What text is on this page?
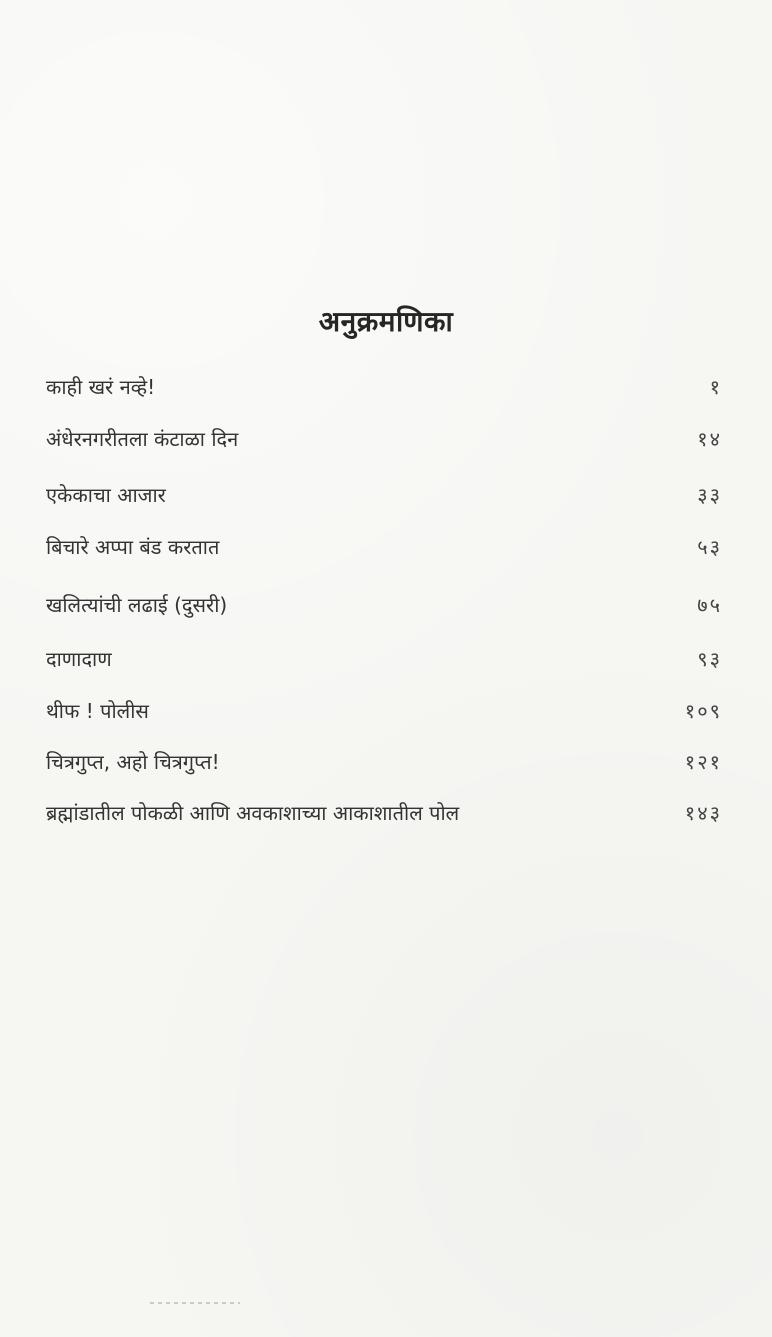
अनुक्रमणिका
काही खरं नव्हे!	१
अंधेरनगरीतला कंटाळा दिन	१४
एकेकाचा आजार	३३
बिचारे अप्पा बंड करतात	५३
खलित्यांची लढाई (दुसरी)	७५
दाणादाण	९३
थीफ ! पोलीस	१०९
चित्रगुप्त, अहो चित्रगुप्त!	१२१
ब्रह्मांडातील पोकळी आणि अवकाशाच्या आकाशातील पोल	१४३
